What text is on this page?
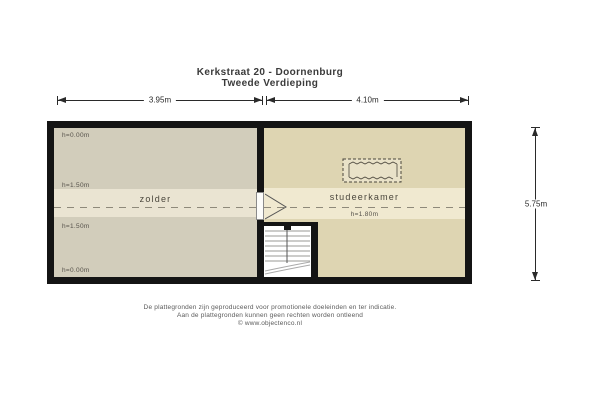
Kerkstraat 20 - Doornenburg
Tweede Verdieping
3.95m	4.10m
5.75m
zolder
h=0.00m
h=1.50m
h=1.50m
h=0.00m
studeerkamer
h=1.80m
De plattegronden zijn geproduceerd voor promotionele doeleinden en ter indicatie.
Aan de plattegronden kunnen geen rechten worden ontleend
© www.objectenco.nl
